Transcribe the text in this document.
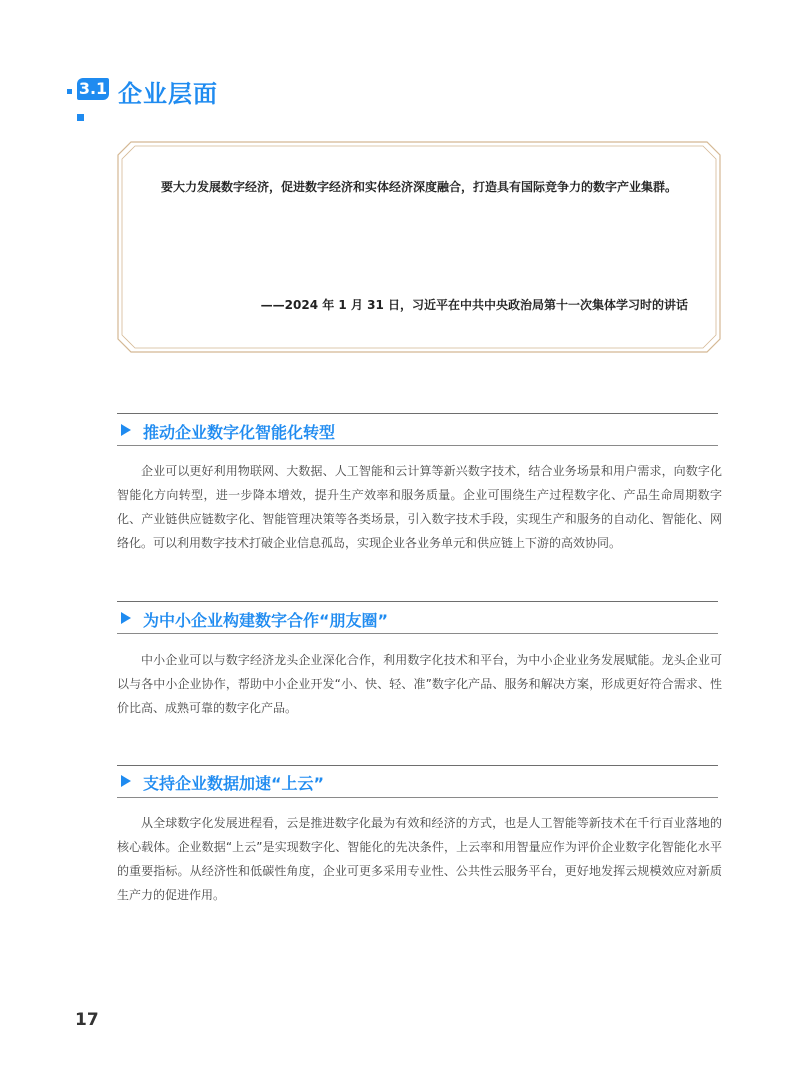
3.1 企业层面
要大力发展数字经济，促进数字经济和实体经济深度融合，打造具有国际竞争力的数字产业集群。
——2024 年 1 月 31 日，习近平在中共中央政治局第十一次集体学习时的讲话
推动企业数字化智能化转型
企业可以更好利用物联网、大数据、人工智能和云计算等新兴数字技术，结合业务场景和用户需求，向数字化智能化方向转型，进一步降本增效，提升生产效率和服务质量。企业可围绕生产过程数字化、产品生命周期数字化、产业链供应链数字化、智能管理决策等各类场景，引入数字技术手段，实现生产和服务的自动化、智能化、网络化。可以利用数字技术打破企业信息孤岛，实现企业各业务单元和供应链上下游的高效协同。
为中小企业构建数字合作“朋友圈”
中小企业可以与数字经济龙头企业深化合作，利用数字化技术和平台，为中小企业业务发展赋能。龙头企业可以与各中小企业协作，帮助中小企业开发“小、快、轻、准”数字化产品、服务和解决方案，形成更好符合需求、性价比高、成熟可靠的数字化产品。
支持企业数据加速“上云”
从全球数字化发展进程看，云是推进数字化最为有效和经济的方式，也是人工智能等新技术在千行百业落地的核心载体。企业数据“上云”是实现数字化、智能化的先决条件，上云率和用智量应作为评价企业数字化智能化水平的重要指标。从经济性和低碳性角度，企业可更多采用专业性、公共性云服务平台，更好地发挥云规模效应对新质生产力的促进作用。
17
